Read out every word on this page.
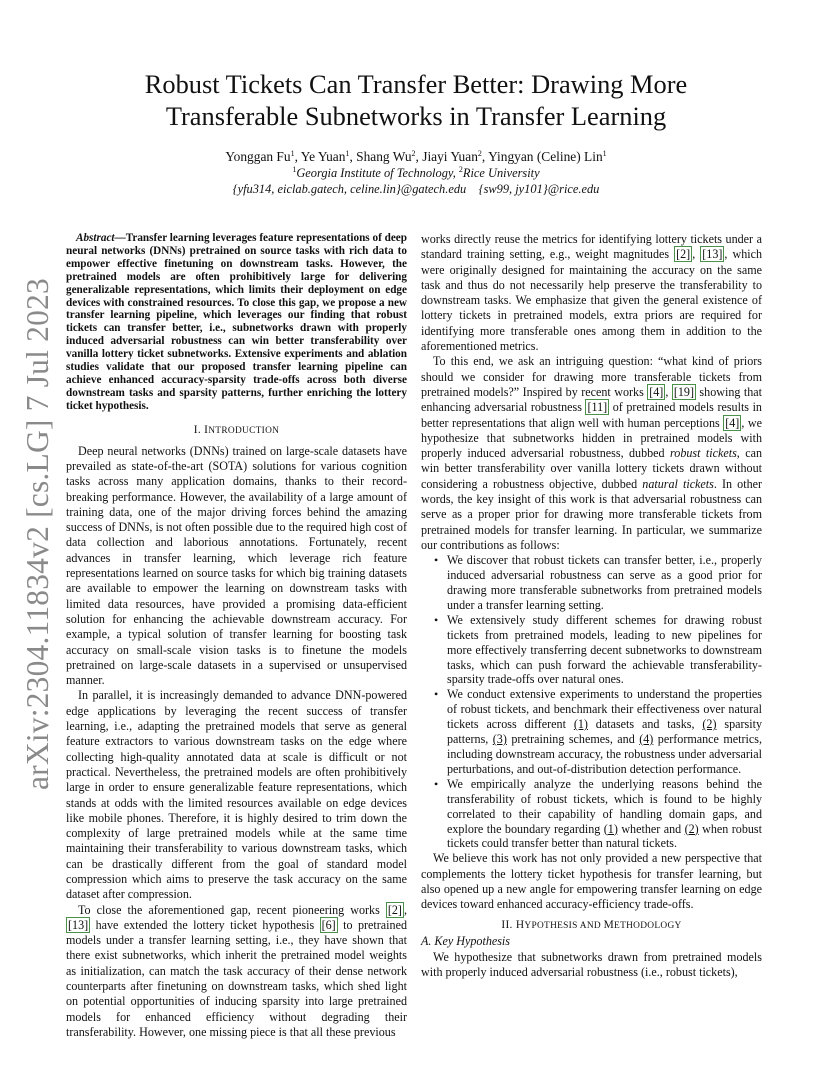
arXiv:2304.11834v2 [cs.LG] 7 Jul 2023
Robust Tickets Can Transfer Better: Drawing More
Transferable Subnetworks in Transfer Learning
Yonggan Fu$^1$, Ye Yuan$^1$, Shang Wu$^2$, Jiayi Yuan$^2$, Yingyan (Celine) Lin$^1$
$^1$Georgia Institute of Technology, $^2$Rice University
{yfu314, eiclab.gatech, celine.lin}@gatech.edu    {sw99, jy101}@rice.edu

Abstract—Transfer learning leverages feature representations of deep neural networks (DNNs) pretrained on source tasks with rich data to empower effective finetuning on downstream tasks. However, the pretrained models are often prohibitively large for delivering generalizable representations, which limits their deployment on edge devices with constrained resources. To close this gap, we propose a new transfer learning pipeline, which leverages our finding that robust tickets can transfer better, i.e., subnetworks drawn with properly induced adversarial robustness can win better transferability over vanilla lottery ticket subnetworks. Extensive experiments and ablation studies validate that our proposed transfer learning pipeline can achieve enhanced accuracy-sparsity trade-offs across both diverse downstream tasks and sparsity patterns, further enriching the lottery ticket hypothesis.

I. INTRODUCTION

Deep neural networks (DNNs) trained on large-scale datasets have prevailed as state-of-the-art (SOTA) solutions for various cognition tasks across many application domains, thanks to their record-breaking performance. However, the availability of a large amount of training data, one of the major driving forces behind the amazing success of DNNs, is not often possible due to the required high cost of data collection and laborious annotations. Fortunately, recent advances in transfer learning, which leverage rich feature representations learned on source tasks for which big training datasets are available to empower the learning on downstream tasks with limited data resources, have provided a promising data-efficient solution for enhancing the achievable downstream accuracy. For example, a typical solution of transfer learning for boosting task accuracy on small-scale vision tasks is to finetune the models pretrained on large-scale datasets in a supervised or unsupervised manner.

In parallel, it is increasingly demanded to advance DNN-powered edge applications by leveraging the recent success of transfer learning, i.e., adapting the pretrained models that serve as general feature extractors to various downstream tasks on the edge where collecting high-quality annotated data at scale is difficult or not practical. Nevertheless, the pretrained models are often prohibitively large in order to ensure generalizable feature representations, which stands at odds with the limited resources available on edge devices like mobile phones. Therefore, it is highly desired to trim down the complexity of large pretrained models while at the same time maintaining their transferability to various downstream tasks, which can be drastically different from the goal of standard model compression which aims to preserve the task accuracy on the same dataset after compression.

To close the aforementioned gap, recent pioneering works [2] , [13] have extended the lottery ticket hypothesis [6] to pretrained models under a transfer learning setting, i.e., they have shown that there exist subnetworks, which inherit the pretrained model weights as initialization, can match the task accuracy of their dense network counterparts after finetuning on downstream tasks, which shed light on potential opportunities of inducing sparsity into large pretrained models for enhanced efficiency without degrading their transferability. However, one missing piece is that all these previous

works directly reuse the metrics for identifying lottery tickets under a standard training setting, e.g., weight magnitudes [2] , [13] , which were originally designed for maintaining the accuracy on the same task and thus do not necessarily help preserve the transferability to downstream tasks. We emphasize that given the general existence of lottery tickets in pretrained models, extra priors are required for identifying more transferable ones among them in addition to the aforementioned metrics.

To this end, we ask an intriguing question: “what kind of priors should we consider for drawing more transferable tickets from pretrained models?” Inspired by recent works [4] , [19] showing that enhancing adversarial robustness [11] of pretrained models results in better representations that align well with human perceptions [4] , we hypothesize that subnetworks hidden in pretrained models with properly induced adversarial robustness, dubbed robust tickets, can win better transferability over vanilla lottery tickets drawn without considering a robustness objective, dubbed natural tickets. In other words, the key insight of this work is that adversarial robustness can serve as a proper prior for drawing more transferable tickets from pretrained models for transfer learning. In particular, we summarize our contributions as follows:

• We discover that robust tickets can transfer better, i.e., properly induced adversarial robustness can serve as a good prior for drawing more transferable subnetworks from pretrained models under a transfer learning setting.
• We extensively study different schemes for drawing robust tickets from pretrained models, leading to new pipelines for more effectively transferring decent subnetworks to downstream tasks, which can push forward the achievable transferability-sparsity trade-offs over natural ones.
• We conduct extensive experiments to understand the properties of robust tickets, and benchmark their effectiveness over natural tickets across different (1) datasets and tasks, (2) sparsity patterns, (3) pretraining schemes, and (4) performance metrics, including downstream accuracy, the robustness under adversarial perturbations, and out-of-distribution detection performance.
• We empirically analyze the underlying reasons behind the transferability of robust tickets, which is found to be highly correlated to their capability of handling domain gaps, and explore the boundary regarding (1) whether and (2) when robust tickets could transfer better than natural tickets.

We believe this work has not only provided a new perspective that complements the lottery ticket hypothesis for transfer learning, but also opened up a new angle for empowering transfer learning on edge devices toward enhanced accuracy-efficiency trade-offs.

II. HYPOTHESIS AND METHODOLOGY
A. Key Hypothesis

We hypothesize that subnetworks drawn from pretrained models with properly induced adversarial robustness (i.e., robust tickets),
